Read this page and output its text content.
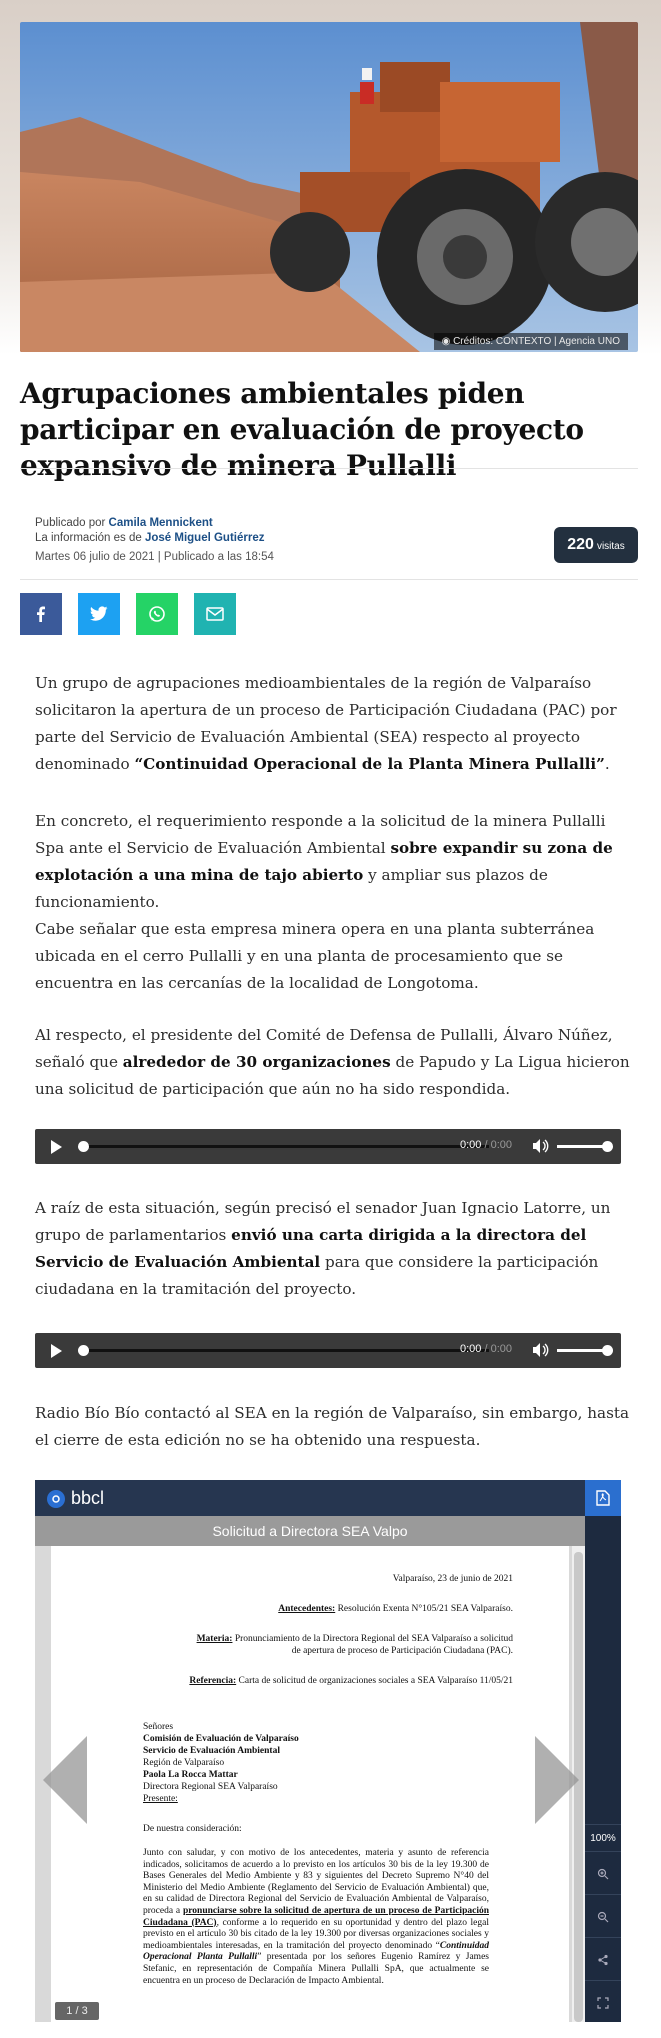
◉ Créditos: CONTEXTO | Agencia UNO
Agrupaciones ambientales piden participar en evaluación de proyecto expansivo de minera Pullalli
Publicado por Camila Mennickent
La información es de José Miguel Gutiérrez
Martes 06 julio de 2021 | Publicado a las 18:54
220 visitas

Un grupo de agrupaciones medioambientales de la región de Valparaíso solicitaron la apertura de un proceso de Participación Ciudadana (PAC) por parte del Servicio de Evaluación Ambiental (SEA) respecto al proyecto denominado “Continuidad Operacional de la Planta Minera Pullalli”.

En concreto, el requerimiento responde a la solicitud de la minera Pullalli Spa ante el Servicio de Evaluación Ambiental sobre expandir su zona de explotación a una mina de tajo abierto y ampliar sus plazos de funcionamiento.

Cabe señalar que esta empresa minera opera en una planta subterránea ubicada en el cerro Pullalli y en una planta de procesamiento que se encuentra en las cercanías de la localidad de Longotoma.

Al respecto, el presidente del Comité de Defensa de Pullalli, Álvaro Núñez, señaló que alrededor de 30 organizaciones de Papudo y La Ligua hicieron una solicitud de participación que aún no ha sido respondida.

0:00 / 0:00

A raíz de esta situación, según precisó el senador Juan Ignacio Latorre, un grupo de parlamentarios envió una carta dirigida a la directora del Servicio de Evaluación Ambiental para que considere la participación ciudadana en la tramitación del proyecto.

0:00 / 0:00

Radio Bío Bío contactó al SEA en la región de Valparaíso, sin embargo, hasta el cierre de esta edición no se ha obtenido una respuesta.

bbcl
Solicitud a Directora SEA Valpo
Valparaíso, 23 de junio de 2021
Antecedentes: Resolución Exenta N°105/21 SEA Valparaíso.
Materia: Pronunciamiento de la Directora Regional del SEA Valparaíso a solicitud
de apertura de proceso de Participación Ciudadana (PAC).
Referencia: Carta de solicitud de organizaciones sociales a SEA Valparaíso 11/05/21
Señores
Comisión de Evaluación de Valparaíso
Servicio de Evaluación Ambiental
Región de Valparaíso
Paola La Rocca Mattar
Directora Regional SEA Valparaíso
Presente:
De nuestra consideración:
Junto con saludar, y con motivo de los antecedentes, materia y asunto de referencia indicados, solicitamos de acuerdo a lo previsto en los artículos 30 bis de la ley 19.300 de Bases Generales del Medio Ambiente y 83 y siguientes del Decreto Supremo N°40 del Ministerio del Medio Ambiente (Reglamento del Servicio de Evaluación Ambiental) que, en su calidad de Directora Regional del Servicio de Evaluación Ambiental de Valparaíso, proceda a pronunciarse sobre la solicitud de apertura de un proceso de Participación Ciudadana (PAC), conforme a lo requerido en su oportunidad y dentro del plazo legal previsto en el artículo 30 bis citado de la ley 19.300 por diversas organizaciones sociales y medioambientales interesadas, en la tramitación del proyecto denominado “Continuidad Operacional Planta Pullalli” presentada por los señores Eugenio Ramírez y James Stefanic, en representación de Compañía Minera Pullalli SpA, que actualmente se encuentra en un proceso de Declaración de Impacto Ambiental.
1 / 3
100%
